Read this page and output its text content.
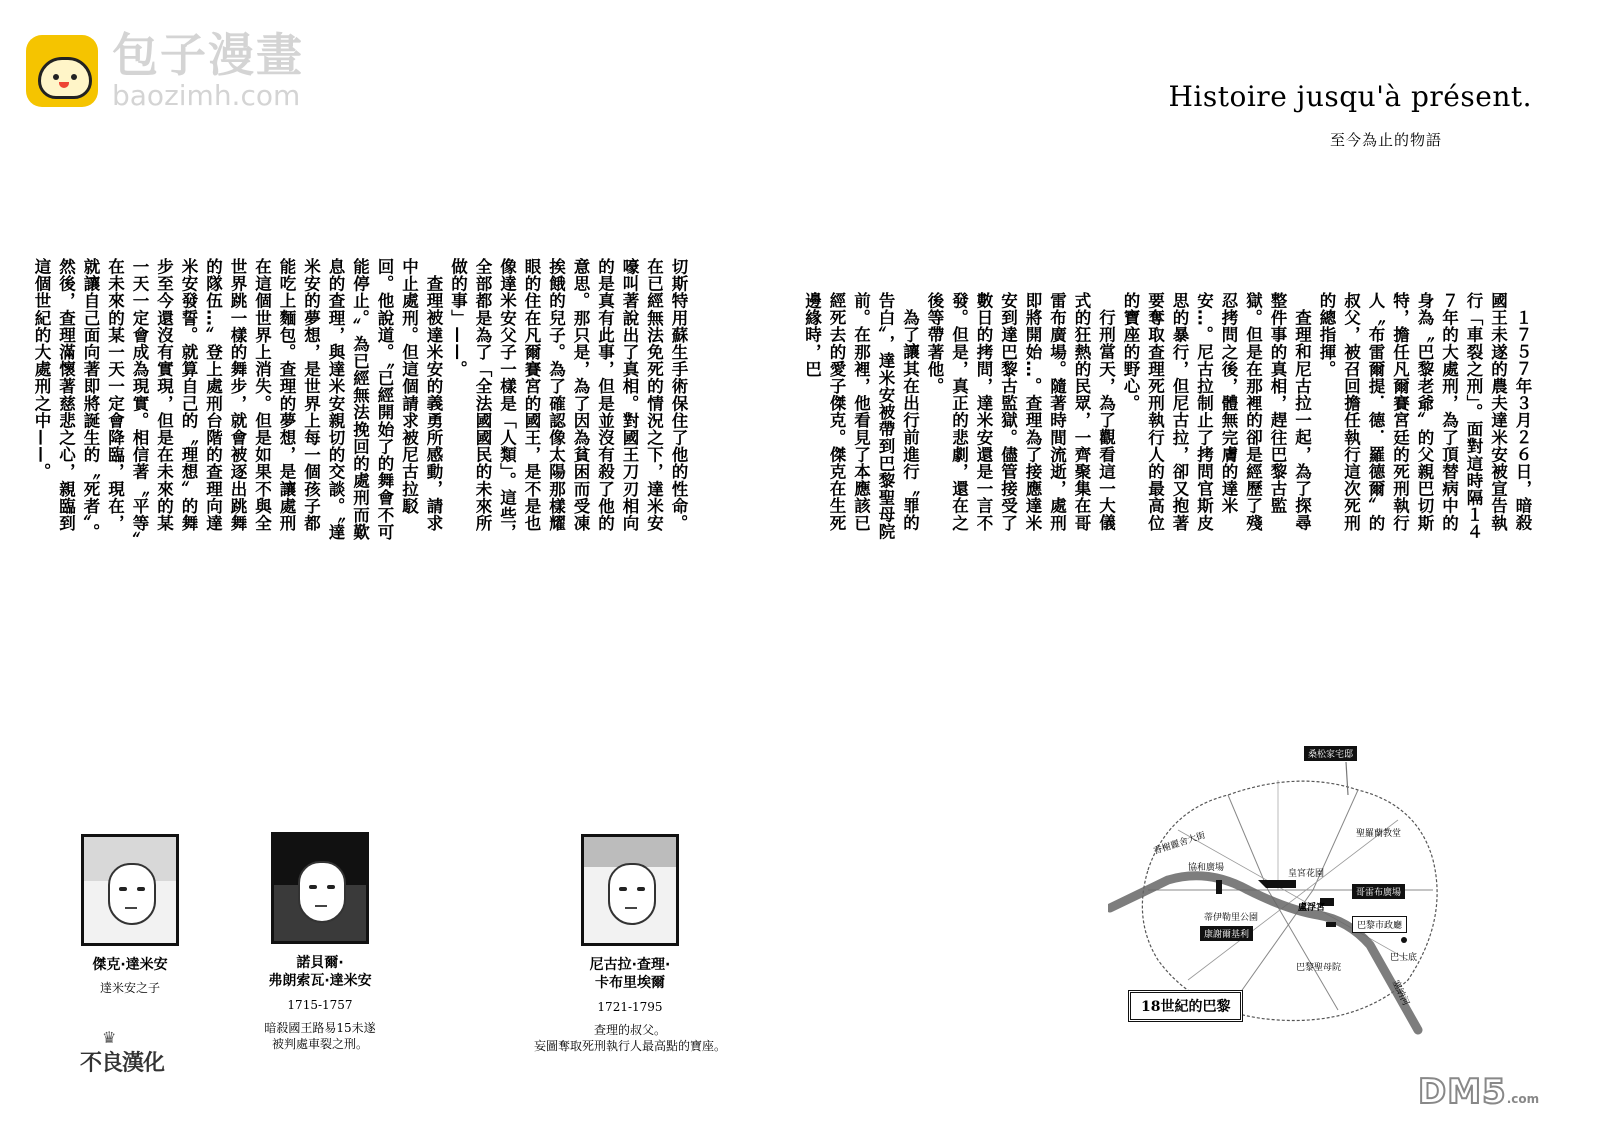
包子漫畫
baozimh.com	Histoire jusqu'à présent.
至今為止的物語

１７５７年３月２６日，暗殺國王未遂的農夫達米安被宣告執行「車裂之刑」。面對這時隔１４７年的大處刑，為了頂替病中的身為〝巴黎老爺〞的父親巴切斯特，擔任凡爾賽宮廷的死刑執行人〝布雷爾提．德．羅德爾〞的叔父，被召回擔任執行這次死刑的總指揮。

查理和尼古拉一起，為了探尋整件事的真相，趕往巴黎古監獄。但是在那裡的卻是經歷了殘忍拷問之後，體無完膚的達米安…。尼古拉制止了拷問官斯皮思的暴行，但尼古拉，卻又抱著要奪取查理死刑執行人的最高位的寶座的野心。

行刑當天，為了觀看這一大儀式的狂熱的民眾，一齊聚集在哥雷布廣場。隨著時間流逝，處刑即將開始…。查理為了接應達米安到達巴黎古監獄。儘管接受了數日的拷問，達米安還是一言不發。但是，真正的悲劇，還在之後等帶著他。

為了讓其在出行前進行〝罪的告白〞，達米安被帶到巴黎聖母院前。在那裡，他看見了本應該已經死去的愛子傑克。傑克在生死邊緣時，巴

切斯特用蘇生手術保住了他的性命。在已經無法免死的情況之下，達米安嚎叫著說出了真相。對國王刀刃相向的是真有此事，但是並沒有殺了他的意思。那只是，為了因為貧困而受凍挨餓的兒子。為了確認像太陽那樣耀眼的住在凡爾賽宮的國王，是不是也像達米安父子一樣是「人類」。這些，全部都是為了「全法國國民的未來所做的事」——。

查理被達米安的義勇所感動，請求中止處刑。但這個請求被尼古拉駁回。他說道。〝已經開始了的舞會不可能停止。〞為已經無法挽回的處刑而歎息的查理，與達米安親切的交談。〝達米安的夢想，是世界上每一個孩子都能吃上麵包。查理的夢想，是讓處刑在這個世界上消失。但是如果不與全世界跳一樣的舞步，就會被逐出跳舞的隊伍…〞登上處刑台階的查理向達米安發誓。就算自己的〝理想〞的舞步至今還沒有實現，但是在未來的某一天一定會成為現實。相信著〝平等〞在未來的某一天一定會降臨，現在，就讓自己面向著即將誕生的〝死者〞。然後，查理滿懷著慈悲之心，親臨到這個世紀的大處刑之中——。

傑克·達米安
達米安之子
諾貝爾·
弗朗索瓦·達米安
1715-1757
暗殺國王路易15未遂
被判處車裂之刑。
尼古拉·查理·
卡布里埃爾
1721-1795
查理的叔父。
妄圖奪取死刑執行人最高點的寶座。
♛
不良漢化
桑松家宅邸
聖羅蘭教堂
香榭麗舍大街
協和廣場
皇宮花園
盧浮宮
哥雷布廣場
蒂伊勒里公園
巴黎市政廳
康謝爾基利
巴士底
巴黎聖母院
塞納河
18世紀的巴黎
DM5.com
